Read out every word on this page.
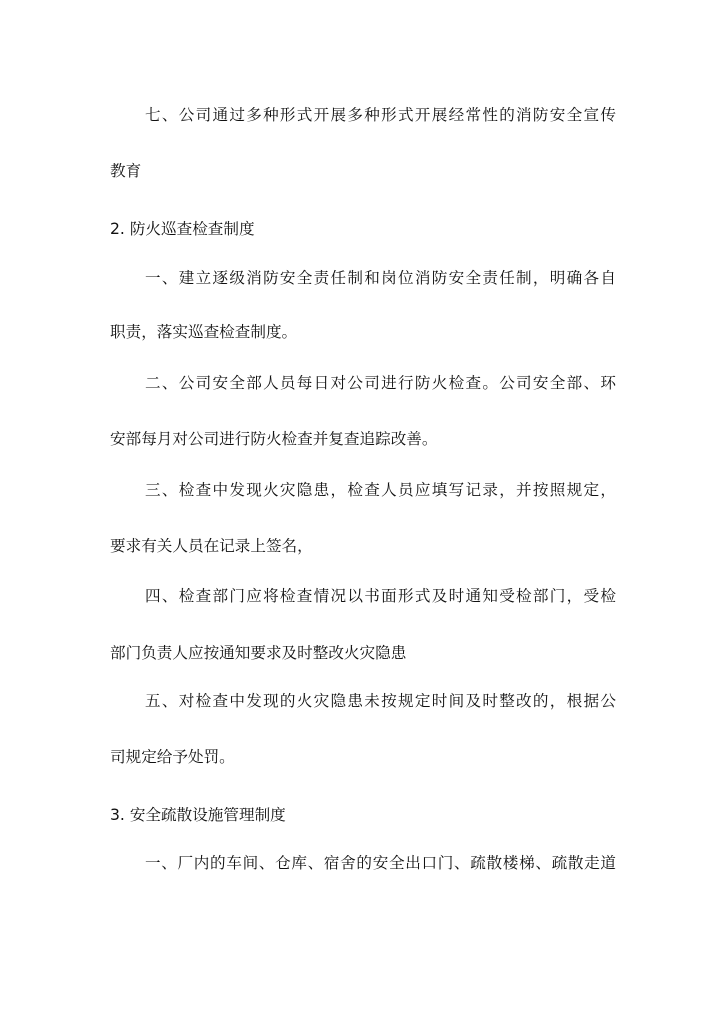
七、公司通过多种形式开展多种形式开展经常性的消防安全宣传
教育
2. 防火巡查检查制度
一、建立逐级消防安全责任制和岗位消防安全责任制，明确各自
职责，落实巡查检查制度。
二、公司安全部人员每日对公司进行防火检查。公司安全部、环
安部每月对公司进行防火检查并复查追踪改善。
三、检查中发现火灾隐患，检查人员应填写记录，并按照规定，
要求有关人员在记录上签名，
四、检查部门应将检查情况以书面形式及时通知受检部门，受检
部门负责人应按通知要求及时整改火灾隐患
五、对检查中发现的火灾隐患未按规定时间及时整改的，根据公
司规定给予处罚。
3. 安全疏散设施管理制度
一、厂内的车间、仓库、宿舍的安全出口门、疏散楼梯、疏散走道
